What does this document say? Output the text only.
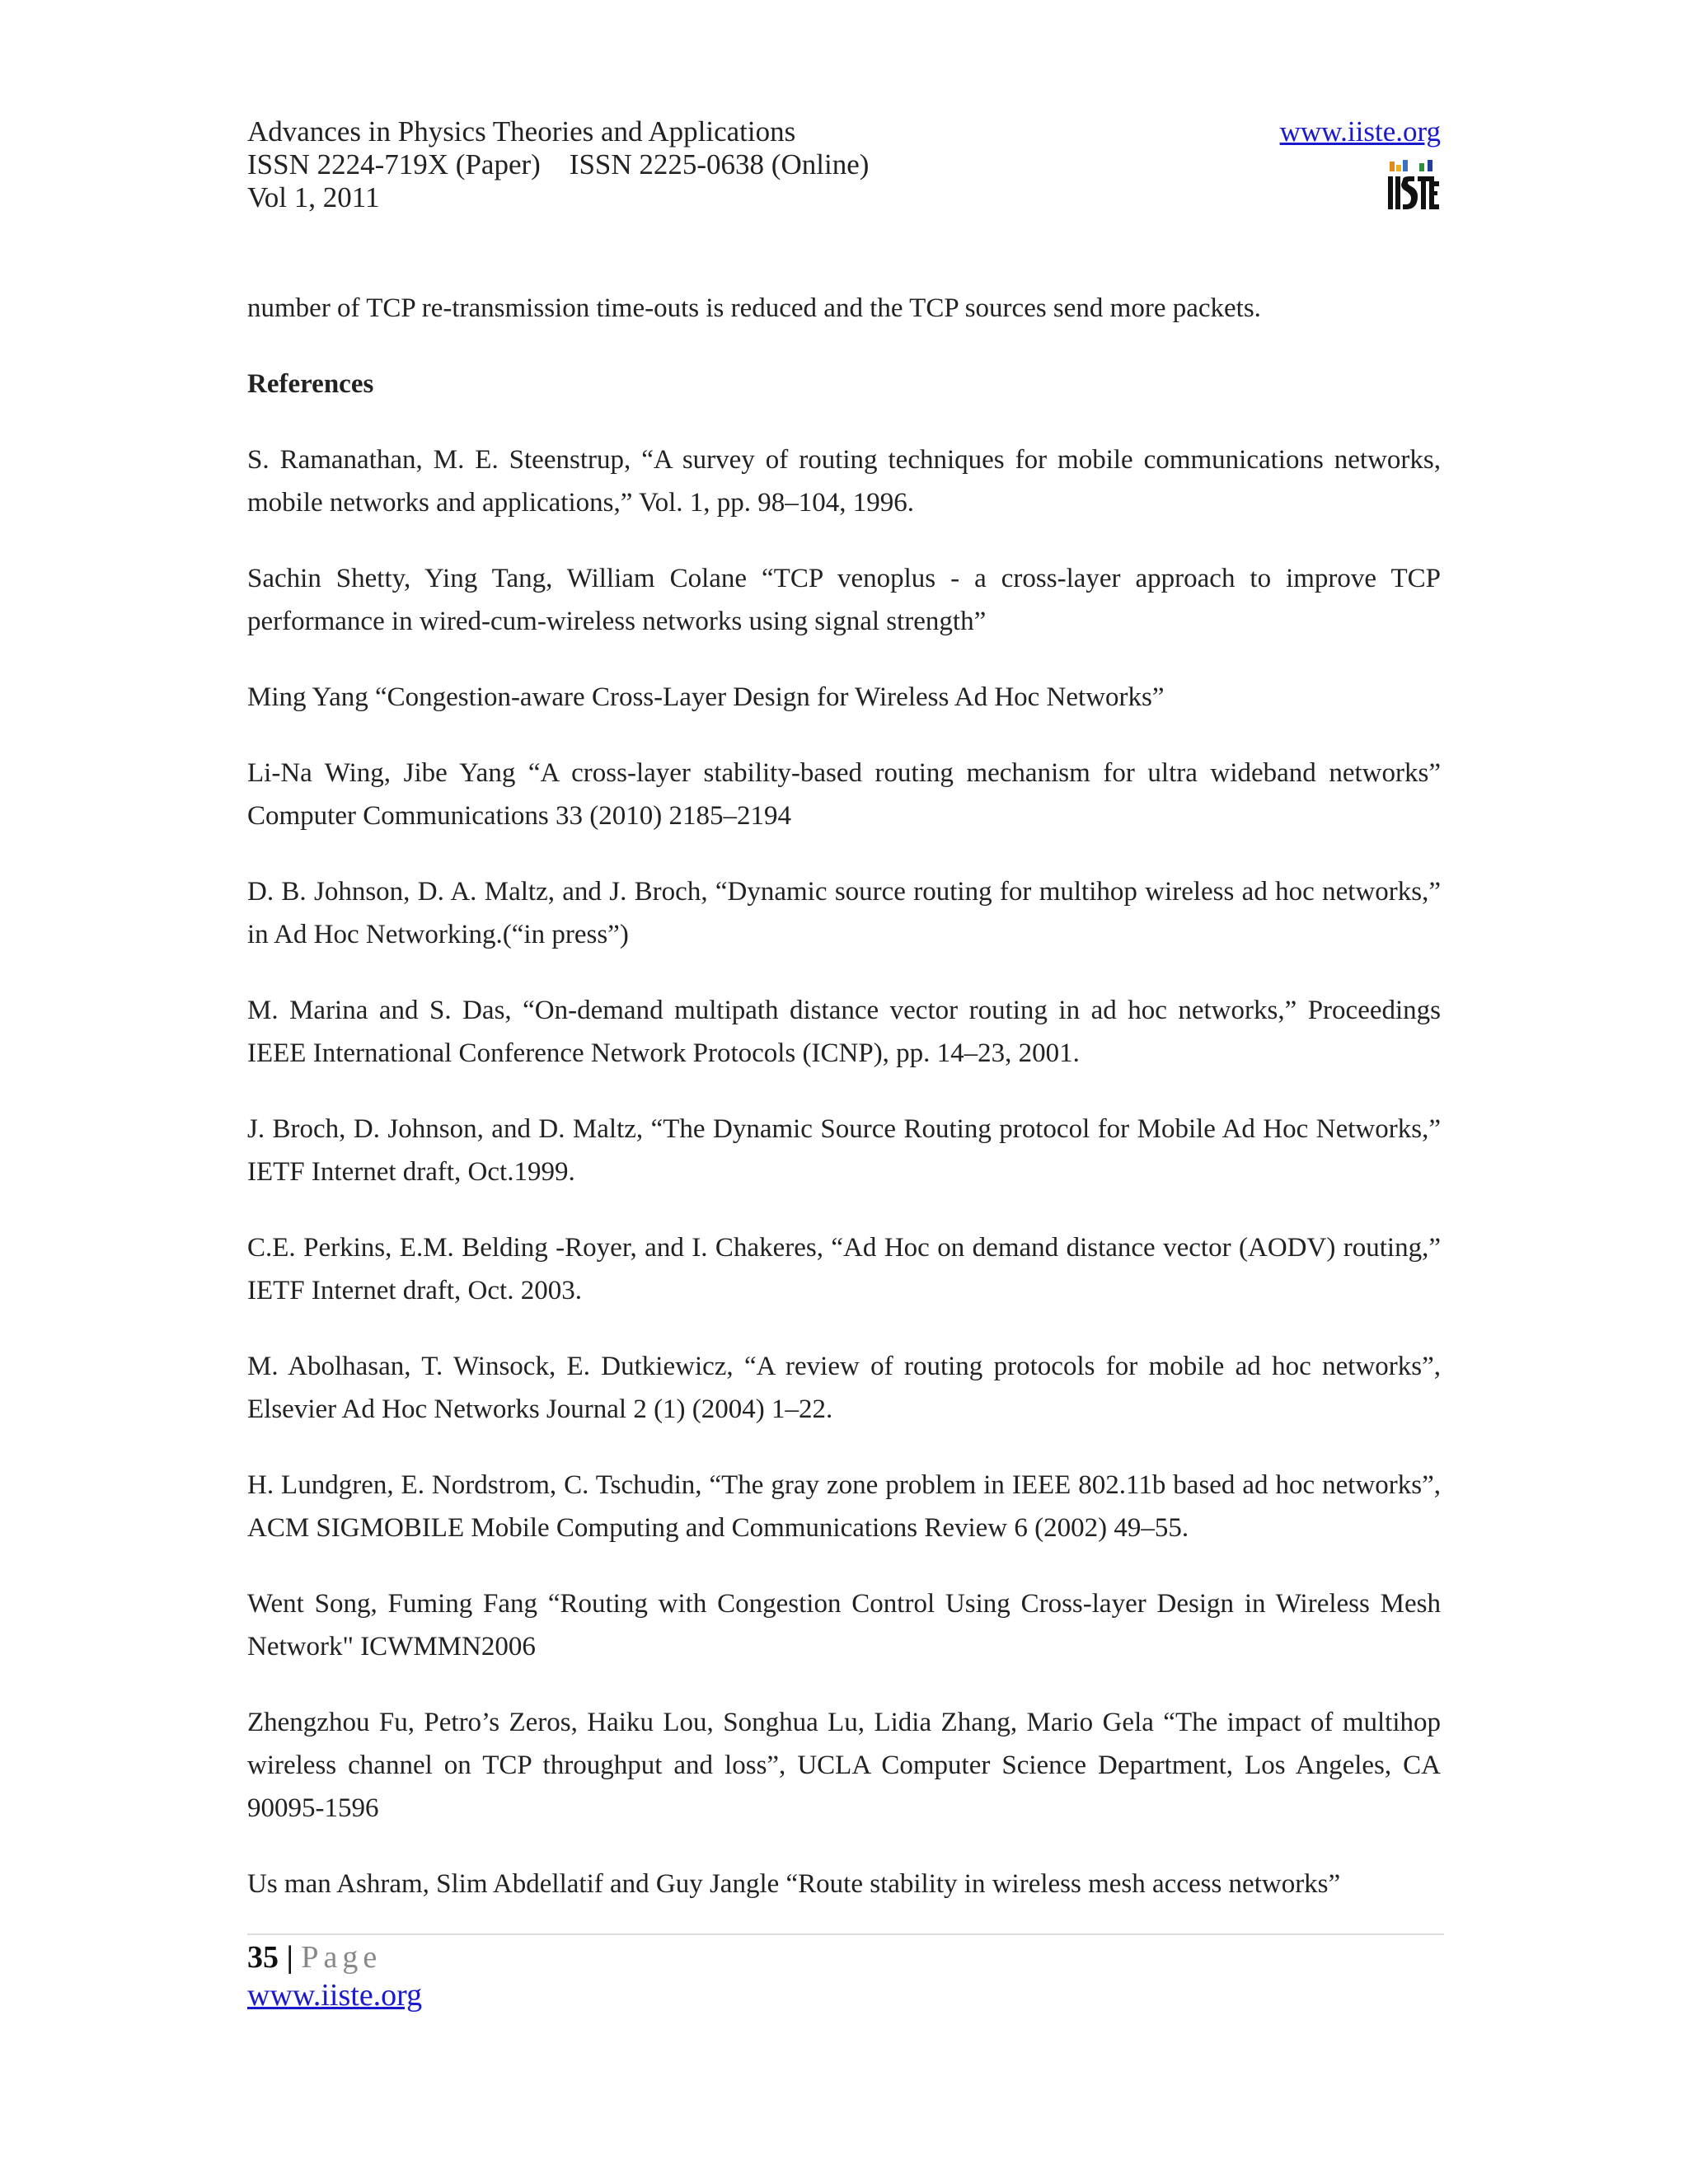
Advances in Physics Theories and Applications
ISSN 2224-719X (Paper)    ISSN 2225-0638 (Online)
Vol 1, 2011
www.iiste.org

number of TCP re-transmission time-outs is reduced and the TCP sources send more packets.

References

S. Ramanathan, M. E. Steenstrup, “A survey of routing techniques for mobile communications networks, mobile networks and applications,” Vol. 1, pp. 98–104, 1996.

Sachin Shetty, Ying Tang, William Colane “TCP venoplus - a cross-layer approach to improve TCP performance in wired-cum-wireless networks using signal strength”

Ming Yang “Congestion-aware Cross-Layer Design for Wireless Ad Hoc Networks”

Li-Na Wing, Jibe Yang “A cross-layer stability-based routing mechanism for ultra wideband networks” Computer Communications 33 (2010) 2185–2194

D. B. Johnson, D. A. Maltz, and J. Broch, “Dynamic source routing for multihop wireless ad hoc networks,” in Ad Hoc Networking.(“in press”)

M. Marina and S. Das, “On-demand multipath distance vector routing in ad hoc networks,” Proceedings IEEE International Conference Network Protocols (ICNP), pp. 14–23, 2001.

J. Broch, D. Johnson, and D. Maltz, “The Dynamic Source Routing protocol for Mobile Ad Hoc Networks,” IETF Internet draft, Oct.1999.

C.E. Perkins, E.M. Belding -Royer, and I. Chakeres, “Ad Hoc on demand distance vector (AODV) routing,” IETF Internet draft, Oct. 2003.

M. Abolhasan, T. Winsock, E. Dutkiewicz, “A review of routing protocols for mobile ad hoc networks”, Elsevier Ad Hoc Networks Journal 2 (1) (2004) 1–22.

H. Lundgren, E. Nordstrom, C. Tschudin, “The gray zone problem in IEEE 802.11b based ad hoc networks”, ACM SIGMOBILE Mobile Computing and Communications Review 6 (2002) 49–55.

Went Song, Fuming Fang “Routing with Congestion Control Using Cross-layer Design in Wireless Mesh Network" ICWMMN2006

Zhengzhou Fu, Petro’s Zeros, Haiku Lou, Songhua Lu, Lidia Zhang, Mario Gela “The impact of multihop wireless channel on TCP throughput and loss”, UCLA Computer Science Department, Los Angeles, CA 90095-1596

Us man Ashram, Slim Abdellatif and Guy Jangle “Route stability in wireless mesh access networks”

35 | Page
www.iiste.org
